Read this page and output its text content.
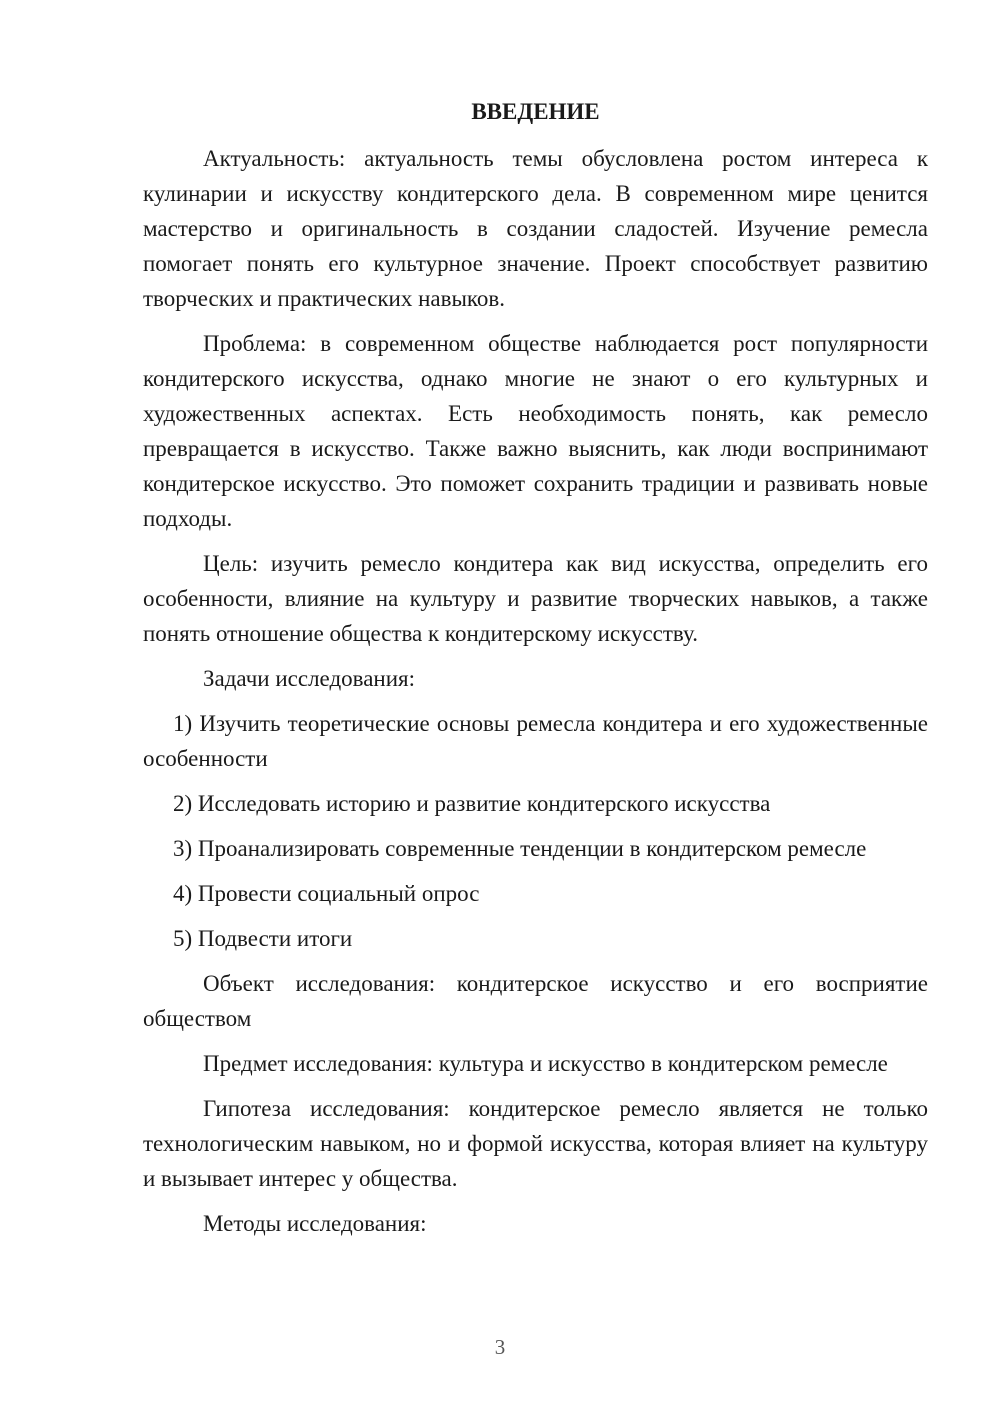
ВВЕДЕНИЕ

Актуальность: актуальность темы обусловлена ростом интереса к кулинарии и искусству кондитерского дела. В современном мире ценится мастерство и оригинальность в создании сладостей. Изучение ремесла помогает понять его культурное значение. Проект способствует развитию творческих и практических навыков.

Проблема: в современном обществе наблюдается рост популярности кондитерского искусства, однако многие не знают о его культурных и художественных аспектах. Есть необходимость понять, как ремесло превращается в искусство. Также важно выяснить, как люди воспринимают кондитерское искусство. Это поможет сохранить традиции и развивать новые подходы.

Цель: изучить ремесло кондитера как вид искусства, определить его особенности, влияние на культуру и развитие творческих навыков, а также понять отношение общества к кондитерскому искусству.

Задачи исследования:

1) Изучить теоретические основы ремесла кондитера и его художественные особенности

2) Исследовать историю и развитие кондитерского искусства

3) Проанализировать современные тенденции в кондитерском ремесле

4) Провести социальный опрос

5) Подвести итоги

Объект исследования: кондитерское искусство и его восприятие обществом

Предмет исследования: культура и искусство в кондитерском ремесле

Гипотеза исследования: кондитерское ремесло является не только технологическим навыком, но и формой искусства, которая влияет на культуру и вызывает интерес у общества.

Методы исследования:

3
